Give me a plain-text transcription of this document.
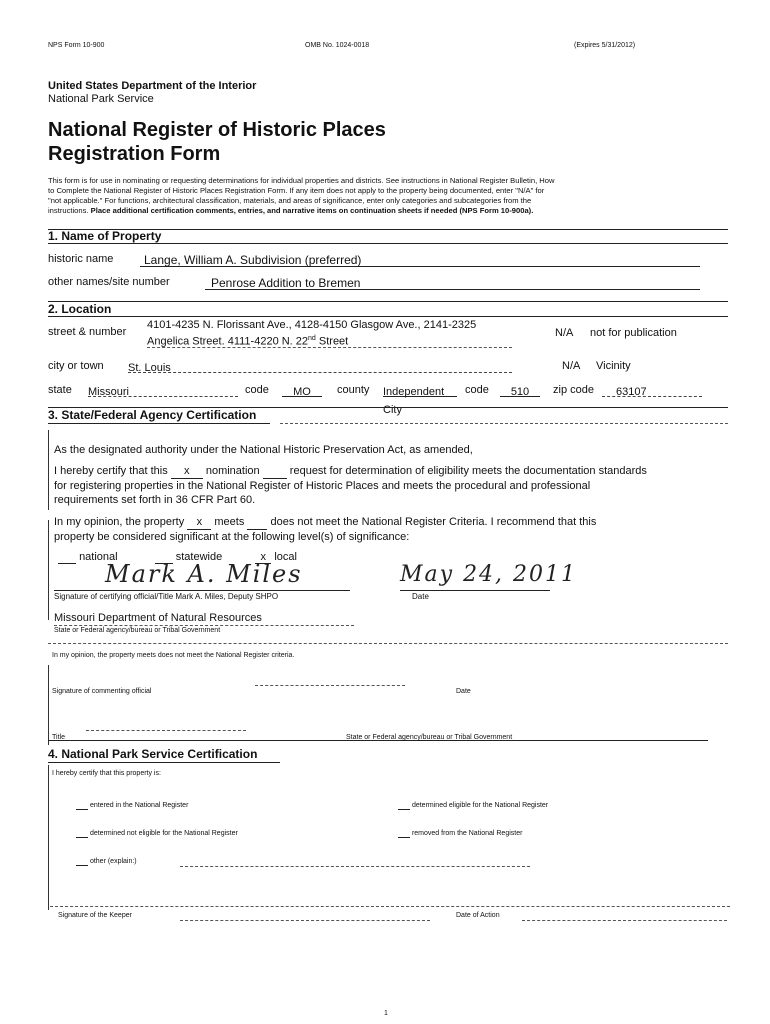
NPS Form 10-900	OMB No. 1024-0018	(Expires 5/31/2012)
United States Department of the Interior
National Park Service
National Register of Historic Places
Registration Form
This form is for use in nominating or requesting determinations for individual properties and districts. See instructions in National Register Bulletin, How
to Complete the National Register of Historic Places Registration Form. If any item does not apply to the property being documented, enter "N/A" for
"not applicable." For functions, architectural classification, materials, and areas of significance, enter only categories and subcategories from the
instructions. Place additional certification comments, entries, and narrative items on continuation sheets if needed (NPS Form 10-900a).
1. Name of Property
historic name	Lange, William A. Subdivision (preferred)
other names/site number	Penrose Addition to Bremen
2. Location
street & number
4101-4235 N. Florissant Ave., 4128-4150 Glasgow Ave., 2141-2325
Angelica Street. 4111-4220 N. 22nd Street
N/A not for publication
city or town St. Louis	N/A Vicinity
state Missouri	code	MO	county Independent City
code	510	zip code	63107
3. State/Federal Agency Certification
As the designated authority under the National Historic Preservation Act, as amended,
I hereby certify that this x nomination	request for determination of eligibility meets the documentation standards
for registering properties in the National Register of Historic Places and meets the procedural and professional
requirements set forth in 36 CFR Part 60.
In my opinion, the property x meets does not meet the National Register Criteria. I recommend that this
property be considered significant at the following level(s) of significance:
national	statewide	x local
Mark A. Miles	May 24, 2011
Signature of certifying official/Title Mark A. Miles, Deputy SHPO	Date
Missouri Department of Natural Resources
State or Federal agency/bureau or Tribal Government
In my opinion, the property meets does not meet the National Register criteria.
Signature of commenting official	Date
Title	State or Federal agency/bureau or Tribal Government
4. National Park Service Certification
I hereby certify that this property is:
entered in the National Register	determined eligible for the National Register
determined not eligible for the National Register	removed from the National Register
other (explain:)
Signature of the Keeper	Date of Action
1
